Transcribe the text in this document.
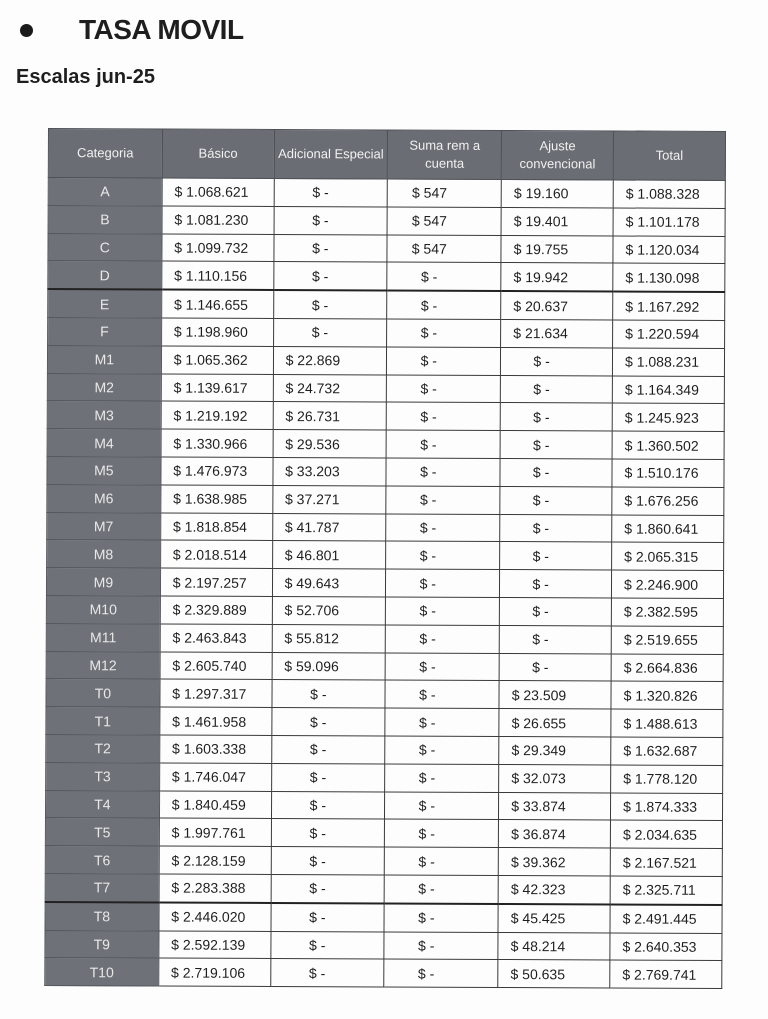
TASA MOVIL
Escalas jun-25
Categoria	Básico	Adicional Especial	Suma rem a cuenta	Ajuste convencional	Total
A	$ 1.068.621	$ -	$ 547	$ 19.160	$ 1.088.328
B	$ 1.081.230	$ -	$ 547	$ 19.401	$ 1.101.178
C	$ 1.099.732	$ -	$ 547	$ 19.755	$ 1.120.034
D	$ 1.110.156	$ -	$ -	$ 19.942	$ 1.130.098
E	$ 1.146.655	$ -	$ -	$ 20.637	$ 1.167.292
F	$ 1.198.960	$ -	$ -	$ 21.634	$ 1.220.594
M1	$ 1.065.362	$ 22.869	$ -	$ -	$ 1.088.231
M2	$ 1.139.617	$ 24.732	$ -	$ -	$ 1.164.349
M3	$ 1.219.192	$ 26.731	$ -	$ -	$ 1.245.923
M4	$ 1.330.966	$ 29.536	$ -	$ -	$ 1.360.502
M5	$ 1.476.973	$ 33.203	$ -	$ -	$ 1.510.176
M6	$ 1.638.985	$ 37.271	$ -	$ -	$ 1.676.256
M7	$ 1.818.854	$ 41.787	$ -	$ -	$ 1.860.641
M8	$ 2.018.514	$ 46.801	$ -	$ -	$ 2.065.315
M9	$ 2.197.257	$ 49.643	$ -	$ -	$ 2.246.900
M10	$ 2.329.889	$ 52.706	$ -	$ -	$ 2.382.595
M11	$ 2.463.843	$ 55.812	$ -	$ -	$ 2.519.655
M12	$ 2.605.740	$ 59.096	$ -	$ -	$ 2.664.836
T0	$ 1.297.317	$ -	$ -	$ 23.509	$ 1.320.826
T1	$ 1.461.958	$ -	$ -	$ 26.655	$ 1.488.613
T2	$ 1.603.338	$ -	$ -	$ 29.349	$ 1.632.687
T3	$ 1.746.047	$ -	$ -	$ 32.073	$ 1.778.120
T4	$ 1.840.459	$ -	$ -	$ 33.874	$ 1.874.333
T5	$ 1.997.761	$ -	$ -	$ 36.874	$ 2.034.635
T6	$ 2.128.159	$ -	$ -	$ 39.362	$ 2.167.521
T7	$ 2.283.388	$ -	$ -	$ 42.323	$ 2.325.711
T8	$ 2.446.020	$ -	$ -	$ 45.425	$ 2.491.445
T9	$ 2.592.139	$ -	$ -	$ 48.214	$ 2.640.353
T10	$ 2.719.106	$ -	$ -	$ 50.635	$ 2.769.741
